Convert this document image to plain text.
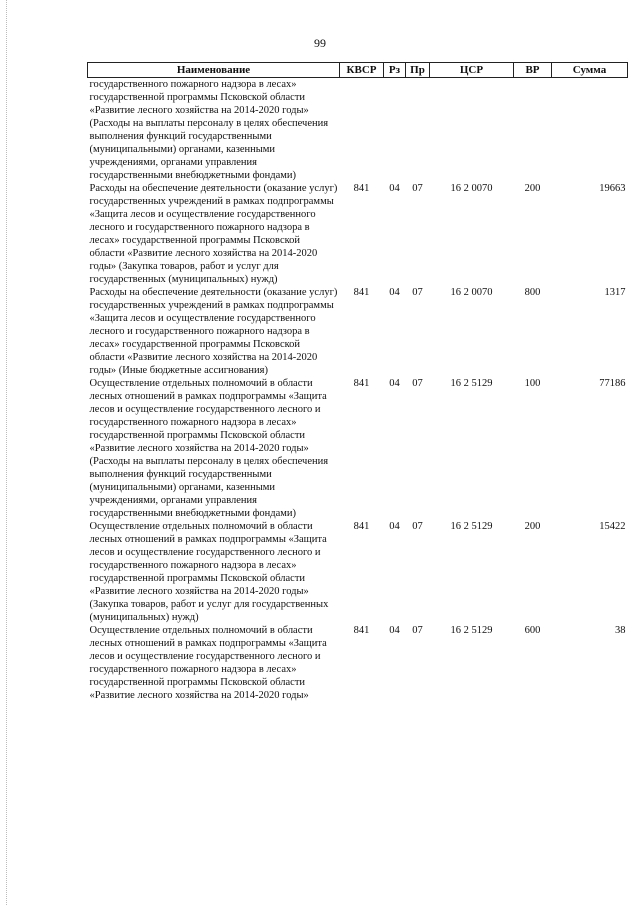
99
Наименование	КВСР	Рз	Пр	ЦСР	ВР	Сумма
государственного пожарного надзора в лесах» государственной программы Псковской области «Развитие лесного хозяйства на 2014-2020 годы» (Расходы на выплаты персоналу в целях обеспечения выполнения функций государственными (муниципальными) органами, казенными учреждениями, органами управления государственными внебюджетными фондами)						
Расходы на обеспечение деятельности (оказание услуг) государственных учреждений в рамках подпрограммы «Защита лесов и осуществление государственного лесного и государственного пожарного надзора в лесах» государственной программы Псковской области «Развитие лесного хозяйства на 2014-2020 годы» (Закупка товаров, работ и услуг для государственных (муниципальных) нужд)	841	04	07	16 2 0070	200	19663
Расходы на обеспечение деятельности (оказание услуг) государственных учреждений в рамках подпрограммы «Защита лесов и осуществление государственного лесного и государственного пожарного надзора в лесах» государственной программы Псковской области «Развитие лесного хозяйства на 2014-2020 годы» (Иные бюджетные ассигнования)	841	04	07	16 2 0070	800	1317
Осуществление отдельных полномочий в области лесных отношений в рамках подпрограммы «Защита лесов и осуществление государственного лесного и государственного пожарного надзора в лесах» государственной программы Псковской области «Развитие лесного хозяйства на 2014-2020 годы» (Расходы на выплаты персоналу в целях обеспечения выполнения функций государственными (муниципальными) органами, казенными учреждениями, органами управления государственными внебюджетными фондами)	841	04	07	16 2 5129	100	77186
Осуществление отдельных полномочий в области лесных отношений в рамках подпрограммы «Защита лесов и осуществление государственного лесного и государственного пожарного надзора в лесах» государственной программы Псковской области «Развитие лесного хозяйства на 2014-2020 годы» (Закупка товаров, работ и услуг для государственных (муниципальных) нужд)	841	04	07	16 2 5129	200	15422
Осуществление отдельных полномочий в области лесных отношений в рамках подпрограммы «Защита лесов и осуществление государственного лесного и государственного пожарного надзора в лесах» государственной программы Псковской области «Развитие лесного хозяйства на 2014-2020 годы»	841	04	07	16 2 5129	600	38
